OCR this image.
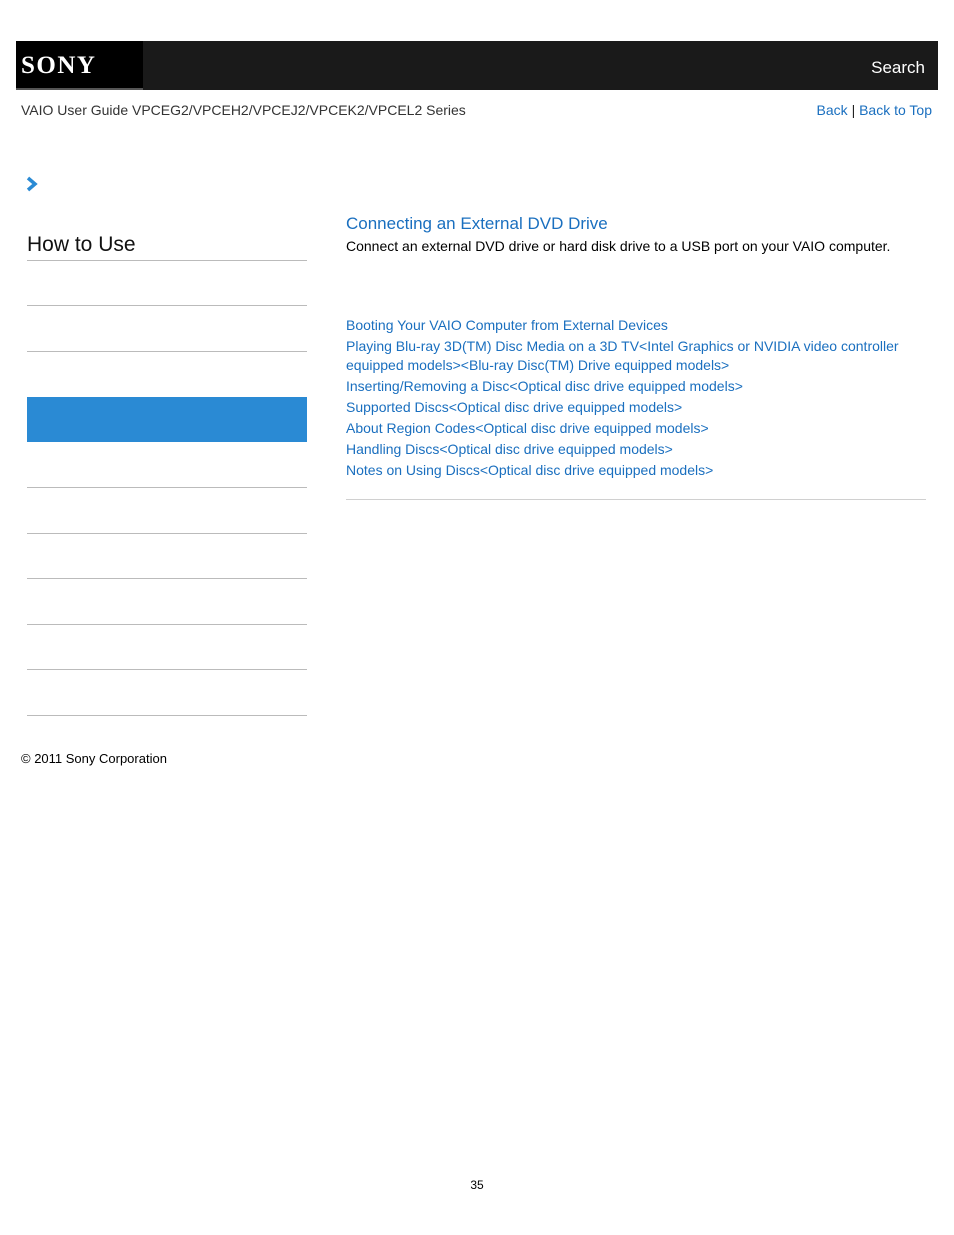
SONY	Search
VAIO User Guide VPCEG2/VPCEH2/VPCEJ2/VPCEK2/VPCEL2 Series	Back | Back to Top
How to Use
Connecting an External DVD Drive
Connect an external DVD drive or hard disk drive to a USB port on your VAIO computer.
Booting Your VAIO Computer from External Devices
Playing Blu-ray 3D(TM) Disc Media on a 3D TV<Intel Graphics or NVIDIA video controller equipped models><Blu-ray Disc(TM) Drive equipped models>
Inserting/Removing a Disc<Optical disc drive equipped models>
Supported Discs<Optical disc drive equipped models>
About Region Codes<Optical disc drive equipped models>
Handling Discs<Optical disc drive equipped models>
Notes on Using Discs<Optical disc drive equipped models>
© 2011 Sony Corporation
35
